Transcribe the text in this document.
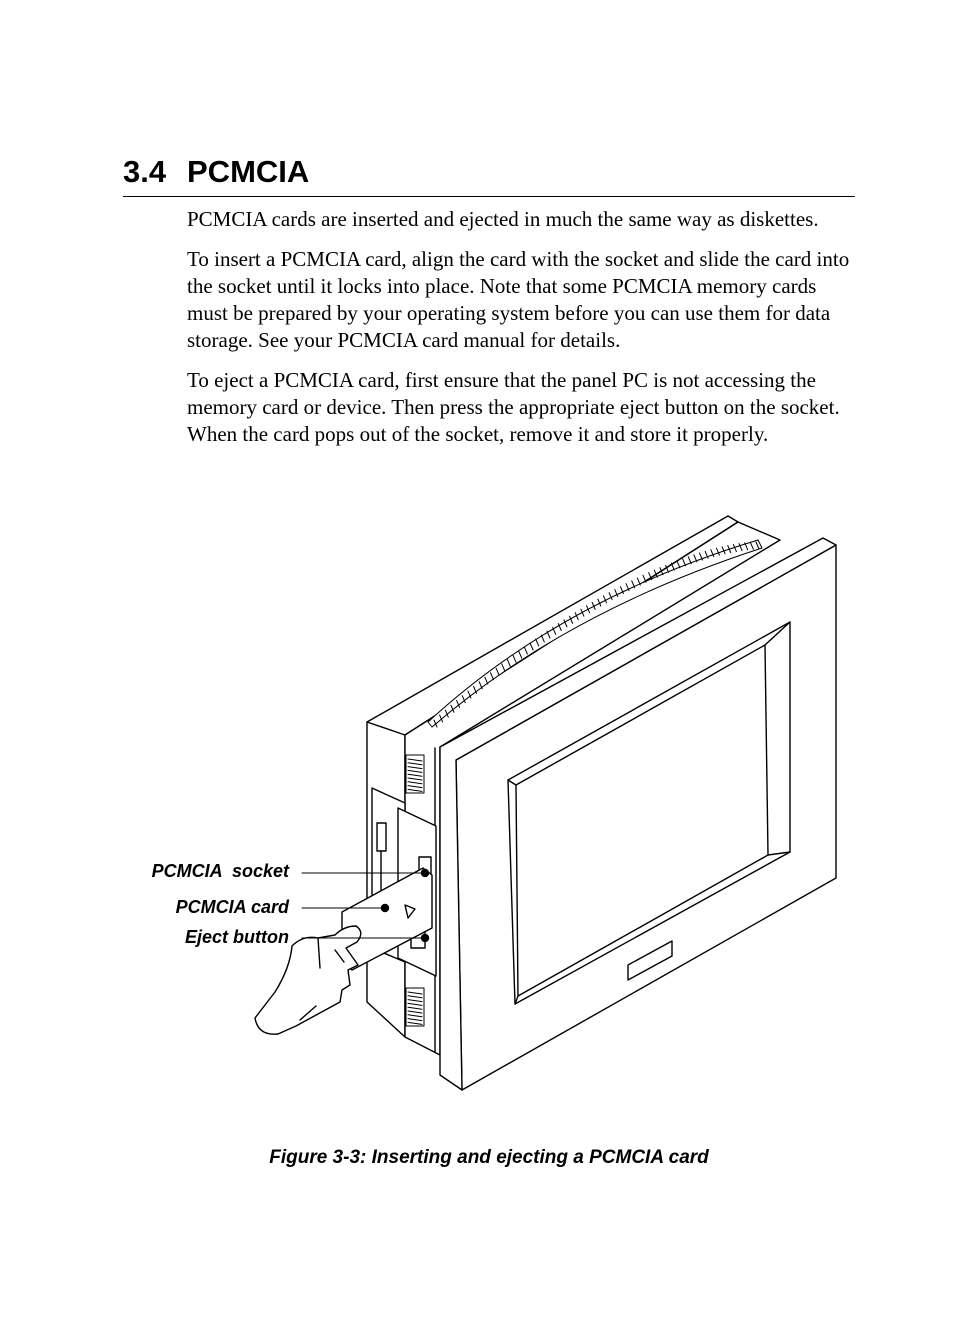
3.4 PCMCIA

PCMCIA cards are inserted and ejected in much the same way as diskettes.

To insert a PCMCIA card, align the card with the socket and slide the card into the socket until it locks into place. Note that some PCMCIA memory cards must be prepared by your operating system before you can use them for data storage. See your PCMCIA card manual for details.

To eject a PCMCIA card, first ensure that the panel PC is not accessing the memory card or device. Then press the appropriate eject button on the socket. When the card pops out of the socket, remove it and store it properly.

PCMCIA  socket
PCMCIA card
Eject button
Figure 3-3: Inserting and ejecting a PCMCIA card
